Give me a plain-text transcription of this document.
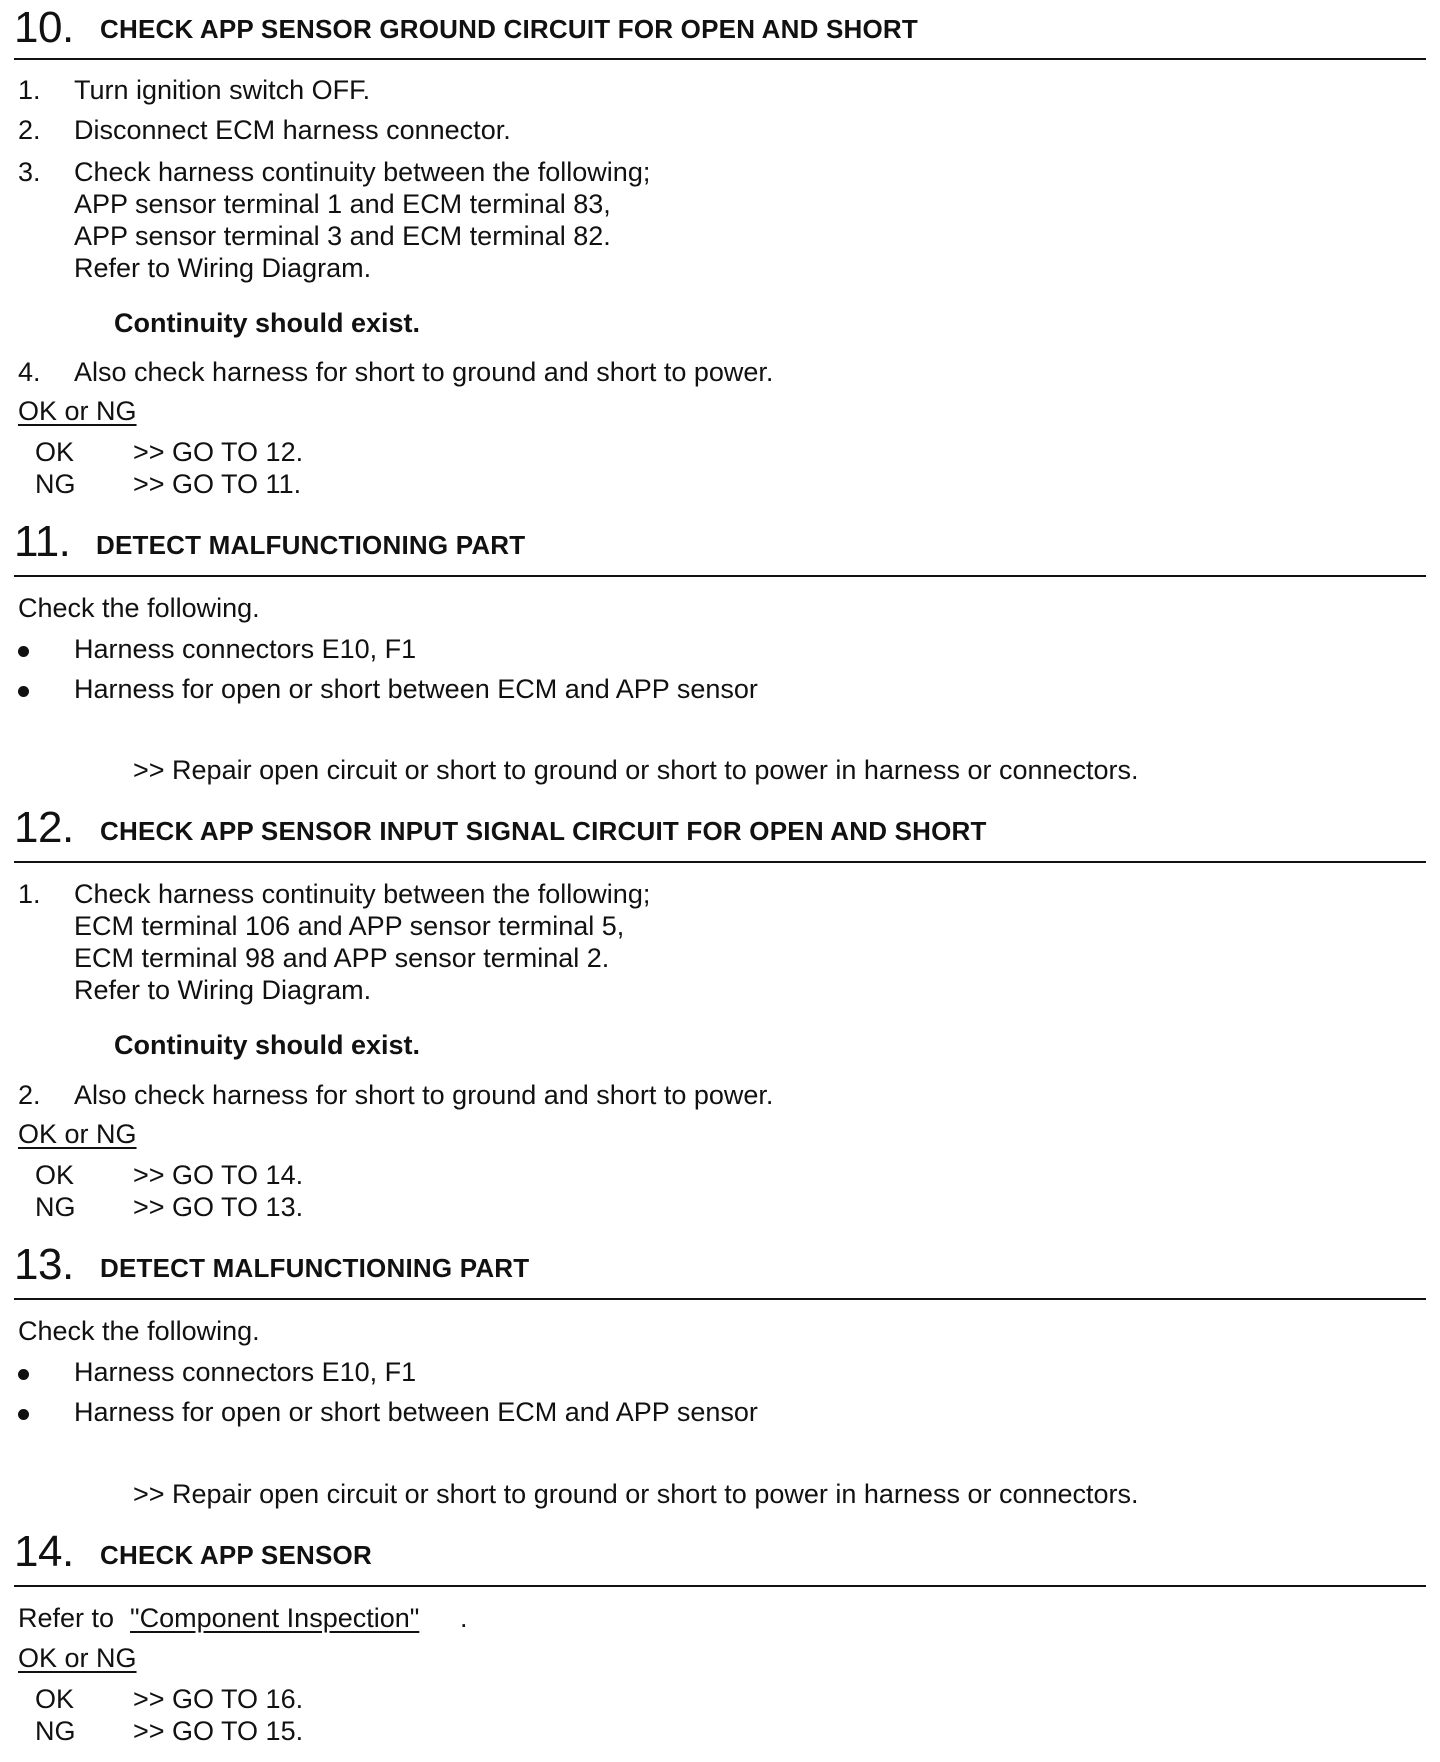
10. CHECK APP SENSOR GROUND CIRCUIT FOR OPEN AND SHORT
1. Turn ignition switch OFF.
2. Disconnect ECM harness connector.
3. Check harness continuity between the following;
APP sensor terminal 1 and ECM terminal 83,
APP sensor terminal 3 and ECM terminal 82.
Refer to Wiring Diagram.
Continuity should exist.
4. Also check harness for short to ground and short to power.
OK or NG
OK >> GO TO 12.
NG >> GO TO 11.
11. DETECT MALFUNCTIONING PART
Check the following.
Harness connectors E10, F1
Harness for open or short between ECM and APP sensor
>> Repair open circuit or short to ground or short to power in harness or connectors.
12. CHECK APP SENSOR INPUT SIGNAL CIRCUIT FOR OPEN AND SHORT
1. Check harness continuity between the following;
ECM terminal 106 and APP sensor terminal 5,
ECM terminal 98 and APP sensor terminal 2.
Refer to Wiring Diagram.
Continuity should exist.
2. Also check harness for short to ground and short to power.
OK or NG
OK >> GO TO 14.
NG >> GO TO 13.
13. DETECT MALFUNCTIONING PART
Check the following.
Harness connectors E10, F1
Harness for open or short between ECM and APP sensor
>> Repair open circuit or short to ground or short to power in harness or connectors.
14. CHECK APP SENSOR
Refer to "Component Inspection" .
OK or NG
OK >> GO TO 16.
NG >> GO TO 15.
